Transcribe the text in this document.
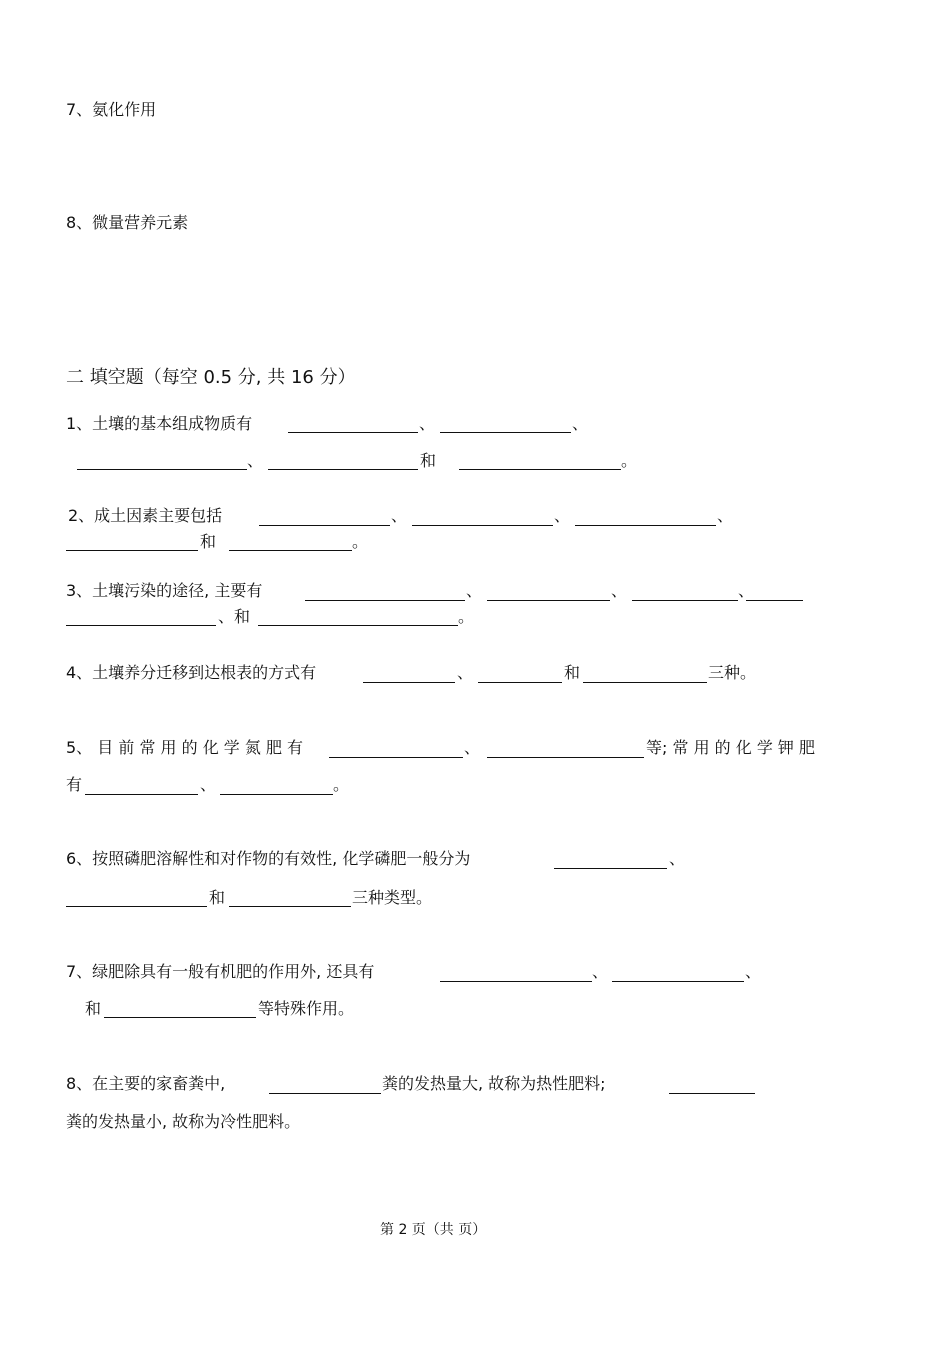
7、氨化作用
8、微量营养元素
二 填空题（每空 0.5 分, 共 16 分）
1、土壤的基本组成物质有	、	、
、	和	。
2、成土因素主要包括	、	、	、
和	。
3、土壤污染的途径, 主要有	、	、	、
、和	。
4、土壤养分迁移到达根表的方式有	、	和	三种。
5、 目 前 常 用 的 化 学 氮 肥 有	、	等; 常 用 的 化 学 钾 肥
有	、	。
6、按照磷肥溶解性和对作物的有效性, 化学磷肥一般分为	、
和	三种类型。
7、绿肥除具有一般有机肥的作用外, 还具有	、	、
和	等特殊作用。
8、在主要的家畜粪中,	粪的发热量大, 故称为热性肥料;
粪的发热量小, 故称为冷性肥料。
第 2 页（共 页）
